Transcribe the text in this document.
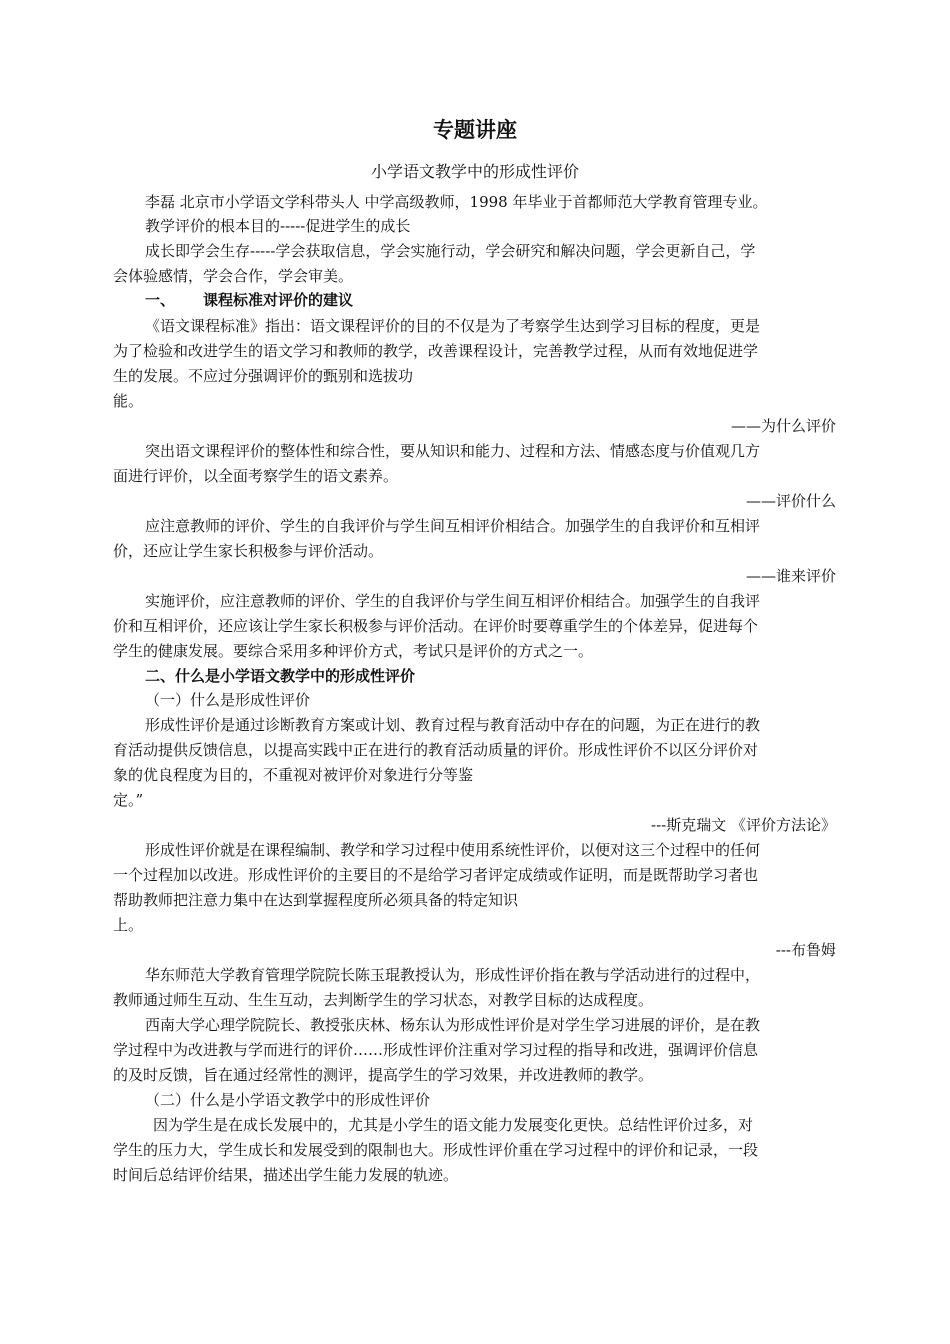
专题讲座
小学语文教学中的形成性评价
李磊 北京市小学语文学科带头人 中学高级教师，1998 年毕业于首都师范大学教育管理专业。
教学评价的根本目的-----促进学生的成长
成长即学会生存-----学会获取信息，学会实施行动，学会研究和解决问题，学会更新自己，学
会体验感情，学会合作，学会审美。
一、 课程标准对评价的建议
《语文课程标准》指出：语文课程评价的目的不仅是为了考察学生达到学习目标的程度，更是
为了检验和改进学生的语文学习和教师的教学，改善课程设计，完善教学过程，从而有效地促进学
生的发展。不应过分强调评价的甄别和选拔功
能。
——为什么评价
突出语文课程评价的整体性和综合性，要从知识和能力、过程和方法、情感态度与价值观几方
面进行评价，以全面考察学生的语文素养。
——评价什么
应注意教师的评价、学生的自我评价与学生间互相评价相结合。加强学生的自我评价和互相评
价，还应让学生家长积极参与评价活动。
——谁来评价
实施评价，应注意教师的评价、学生的自我评价与学生间互相评价相结合。加强学生的自我评
价和互相评价，还应该让学生家长积极参与评价活动。在评价时要尊重学生的个体差异，促进每个
学生的健康发展。要综合采用多种评价方式，考试只是评价的方式之一。
二、什么是小学语文教学中的形成性评价
（一）什么是形成性评价
形成性评价是通过诊断教育方案或计划、教育过程与教育活动中存在的问题，为正在进行的教
育活动提供反馈信息，以提高实践中正在进行的教育活动质量的评价。形成性评价不以区分评价对
象的优良程度为目的，不重视对被评价对象进行分等鉴
定。”
---斯克瑞文 《评价方法论》
形成性评价就是在课程编制、教学和学习过程中使用系统性评价，以便对这三个过程中的任何
一个过程加以改进。形成性评价的主要目的不是给学习者评定成绩或作证明，而是既帮助学习者也
帮助教师把注意力集中在达到掌握程度所必须具备的特定知识
上。
---布鲁姆
华东师范大学教育管理学院院长陈玉琨教授认为，形成性评价指在教与学活动进行的过程中，
教师通过师生互动、生生互动，去判断学生的学习状态，对教学目标的达成程度。
西南大学心理学院院长、教授张庆林、杨东认为形成性评价是对学生学习进展的评价，是在教
学过程中为改进教与学而进行的评价……形成性评价注重对学习过程的指导和改进，强调评价信息
的及时反馈，旨在通过经常性的测评，提高学生的学习效果，并改进教师的教学。
（二）什么是小学语文教学中的形成性评价
因为学生是在成长发展中的，尤其是小学生的语文能力发展变化更快。总结性评价过多，对
学生的压力大，学生成长和发展受到的限制也大。形成性评价重在学习过程中的评价和记录，一段
时间后总结评价结果，描述出学生能力发展的轨迹。
